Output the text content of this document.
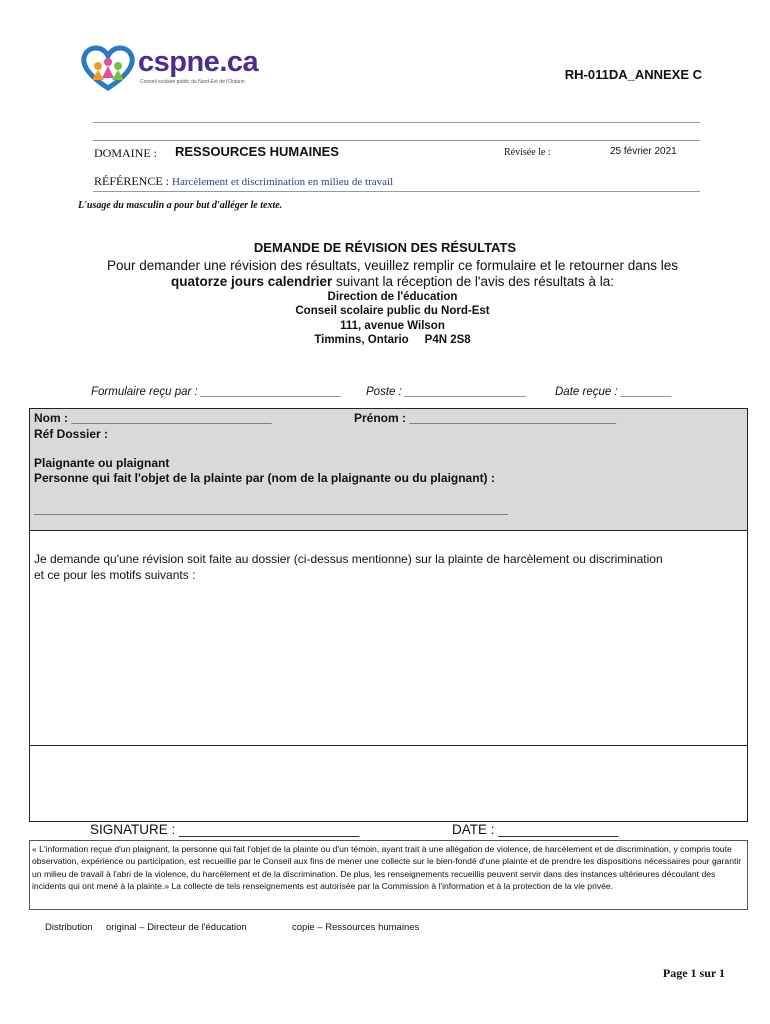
cspne.ca
Conseil scolaire public du Nord-Est de l'Ontario	RH-011DA_ANNEXE C
DOMAINE : RESSOURCES HUMAINES	Révisée le :	25 février 2021
RÉFÉRENCE : Harcèlement et discrimination en milieu de travail
L'usage du masculin a pour but d'alléger le texte.
DEMANDE DE RÉVISION DES RÉSULTATS
Pour demander une révision des résultats, veuillez remplir ce formulaire et le retourner dans les
quatorze jours calendrier suivant la réception de l'avis des résultats à la:
Direction de l'éducation
Conseil scolaire public du Nord-Est
111, avenue Wilson
Timmins, Ontario     P4N 2S8
Formulaire reçu par : ______________________ Poste : ___________________ Date reçue : ________
Nom : ______________________________	Prénom : _______________________________
Réf Dossier :
Plaignante ou plaignant
Personne qui fait l'objet de la plainte par (nom de la plaignante ou du plaignant) :
_______________________________________________________________________
Je demande qu'une révision soit faite au dossier (ci-dessus mentionne) sur la plainte de harcèlement ou discrimination et ce pour les motifs suivants :
SIGNATURE : ________________________	DATE : ________________
« L'information reçue d'un plaignant, la personne qui fait l'objet de la plainte ou d'un témoin, ayant trait à une allégation de violence, de harcèlement et de discrimination, y compris toute observation, expérience ou participation, est recueillie par le Conseil aux fins de mener une collecte sur le bien-fondé d'une plainte et de prendre les dispositions nécessaires pour garantir un milieu de travail à l'abri de la violence, du harcèlement et de la discrimination. De plus, les renseignements recueillis peuvent servir dans des instances ultérieures découlant des incidents qui ont mené à la plainte.» La collecte de tels renseignements est autorisée par la Commission à l'information et à la protection de la vie privée.
Distribution original – Directeur de l'éducation	copie – Ressources humaines
Page 1 sur 1
